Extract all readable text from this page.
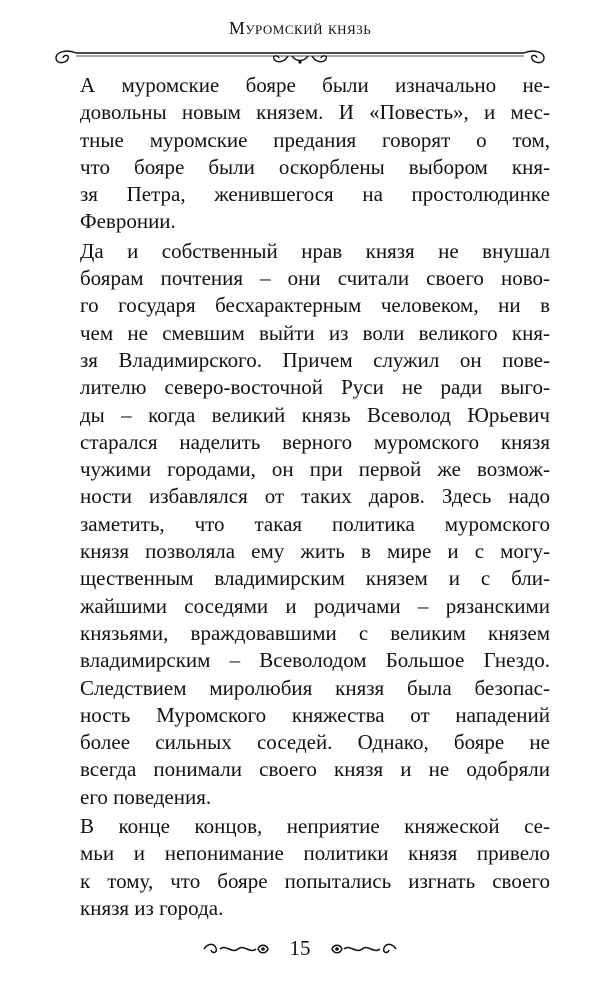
Муромский князь

А муромские бояре были изначально не-
довольны новым князем. И «Повесть», и мес-
тные муромские предания говорят о том,
что бояре были оскорблены выбором кня-
зя Петра, женившегося на простолюдинке
Февронии.

Да и собственный нрав князя не внушал
боярам почтения – они считали своего ново-
го государя бесхарактерным человеком, ни в
чем не смевшим выйти из воли великого кня-
зя Владимирского. Причем служил он пове-
лителю северо-восточной Руси не ради выго-
ды – когда великий князь Всеволод Юрьевич
старался наделить верного муромского князя
чужими городами, он при первой же возмож-
ности избавлялся от таких даров. Здесь надо
заметить, что такая политика муромского
князя позволяла ему жить в мире и с могу-
щественным владимирским князем и с бли-
жайшими соседями и родичами – рязанскими
князьями, враждовавшими с великим князем
владимирским – Всеволодом Большое Гнездо.
Следствием миролюбия князя была безопас-
ность Муромского княжества от нападений
более сильных соседей. Однако, бояре не
всегда понимали своего князя и не одобряли
его поведения.

В конце концов, неприятие княжеской се-
мьи и непонимание политики князя привело
к тому, что бояре попытались изгнать своего
князя из города.

15
